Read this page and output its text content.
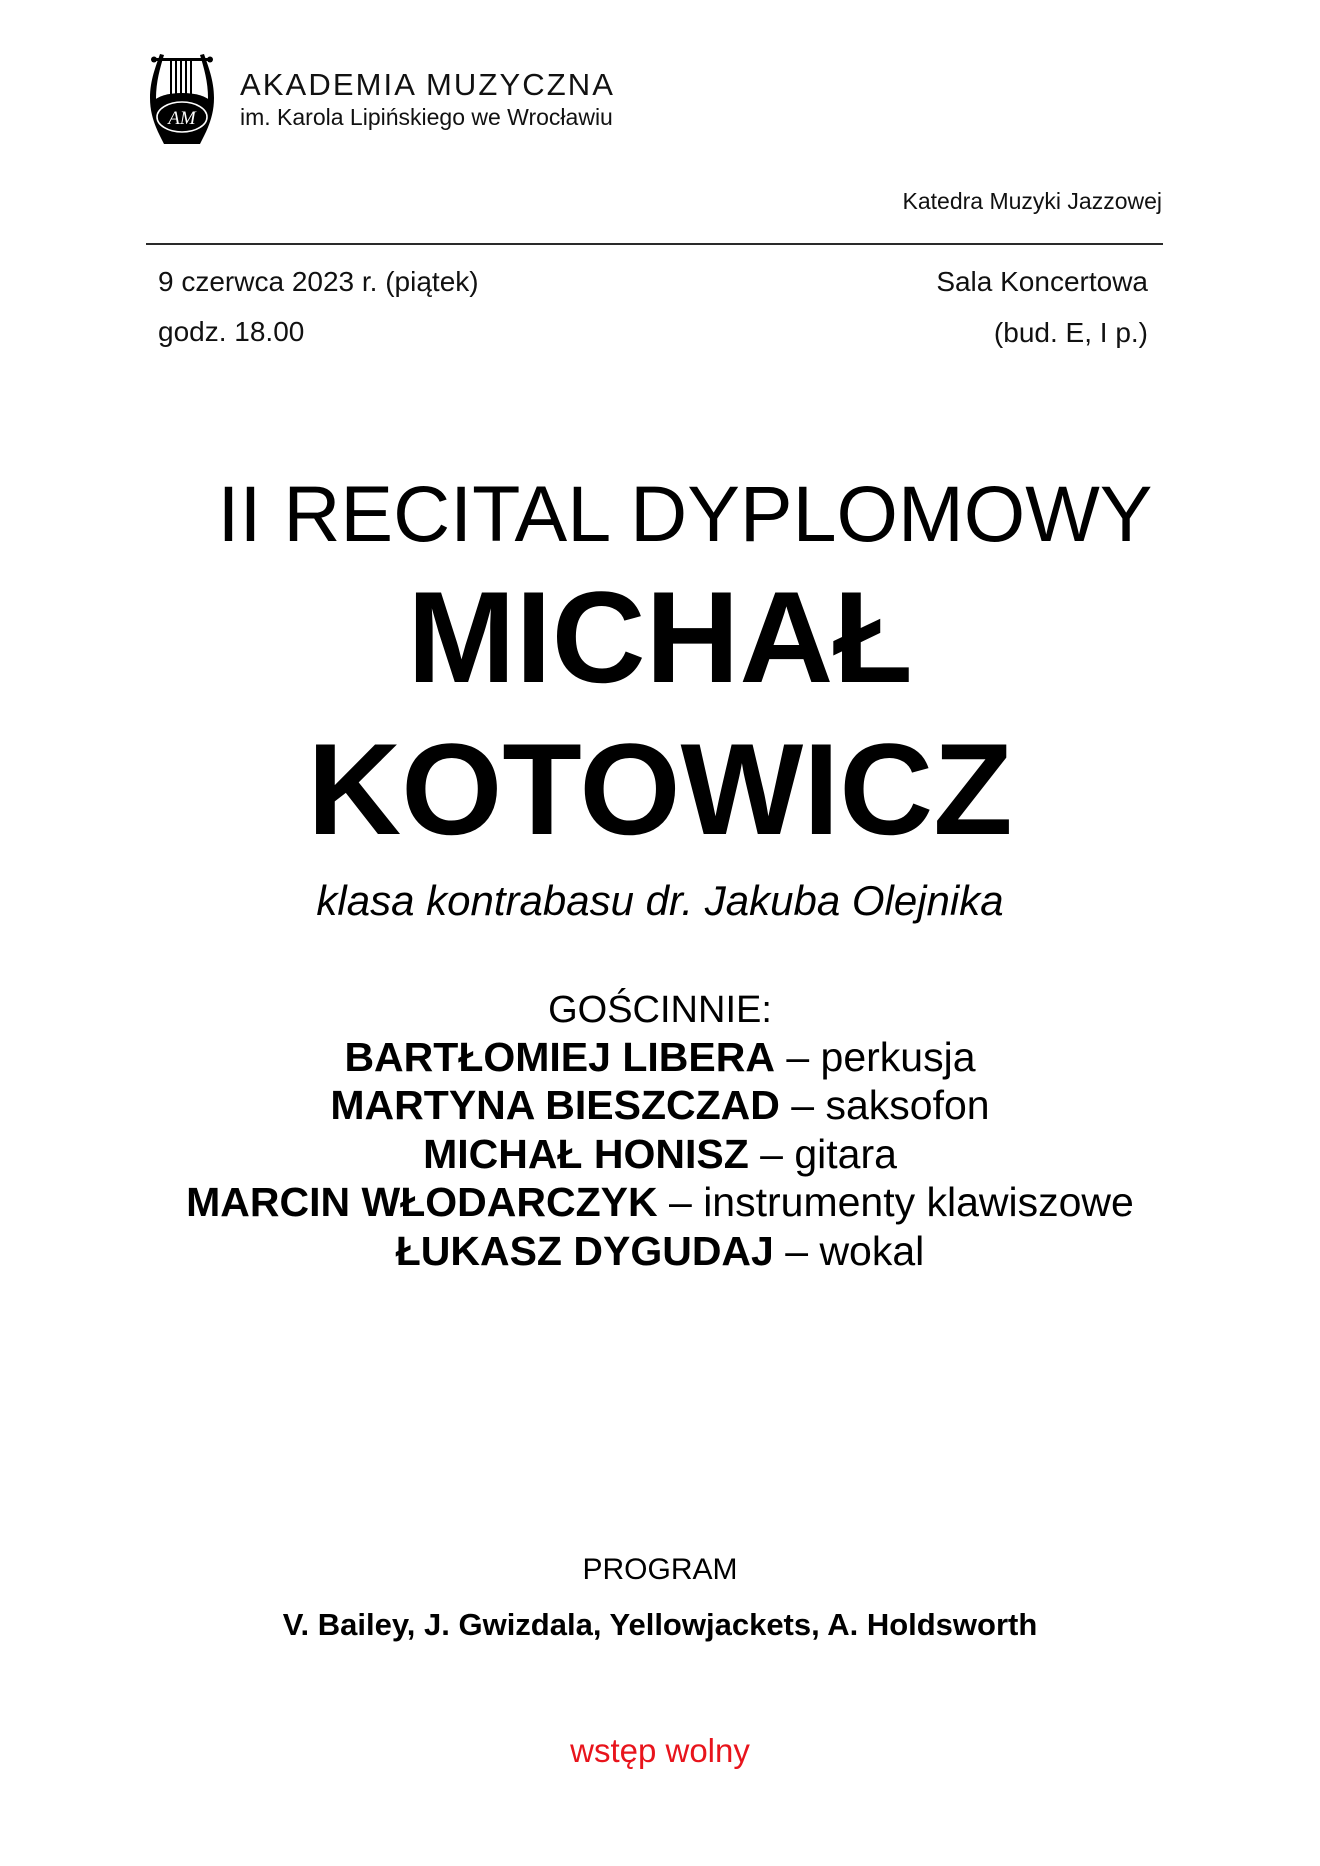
AM
AKADEMIA MUZYCZNA
im. Karola Lipińskiego we Wrocławiu
Katedra Muzyki Jazzowej
9 czerwca 2023 r. (piątek)
godz. 18.00
Sala Koncertowa
(bud. E, I p.)
II RECITAL DYPLOMOWY
MICHAŁ
KOTOWICZ
klasa kontrabasu dr. Jakuba Olejnika
GOŚCINNIE:
BARTŁOMIEJ LIBERA – perkusja
MARTYNA BIESZCZAD – saksofon
MICHAŁ HONISZ – gitara
MARCIN WŁODARCZYK – instrumenty klawiszowe
ŁUKASZ DYGUDAJ – wokal
PROGRAM
V. Bailey, J. Gwizdala, Yellowjackets, A. Holdsworth
wstęp wolny
